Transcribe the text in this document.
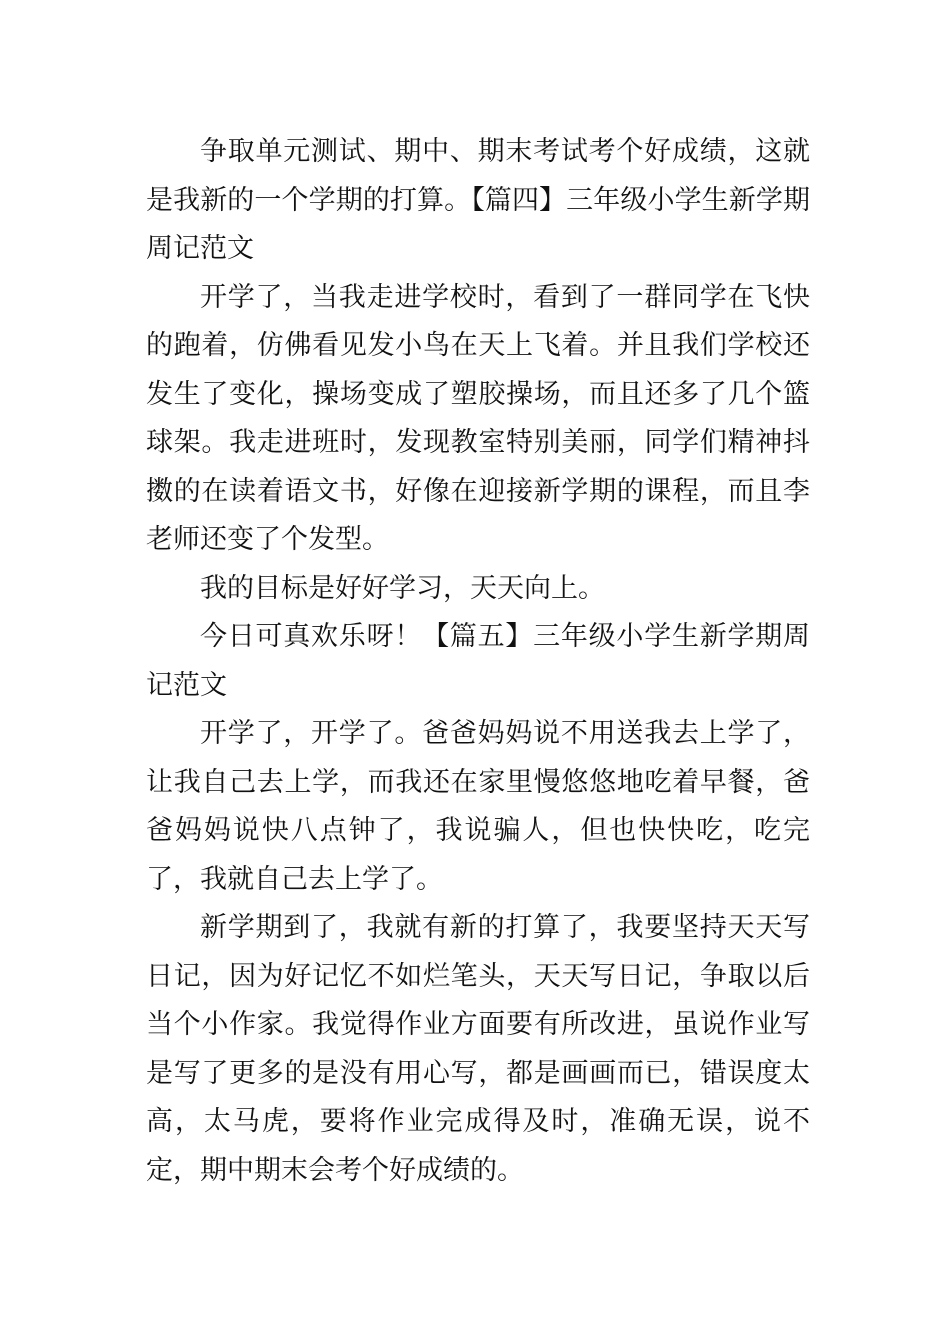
争取单元测试、期中、期末考试考个好成绩，这就是我新的一个学期的打算。【篇四】三年级小学生新学期周记范文

开学了，当我走进学校时，看到了一群同学在飞快的跑着，仿佛看见发小鸟在天上飞着。并且我们学校还发生了变化，操场变成了塑胶操场，而且还多了几个篮球架。我走进班时，发现教室特别美丽，同学们精神抖擞的在读着语文书，好像在迎接新学期的课程，而且李老师还变了个发型。

我的目标是好好学习，天天向上。

今日可真欢乐呀！【篇五】三年级小学生新学期周记范文

开学了，开学了。爸爸妈妈说不用送我去上学了，让我自己去上学，而我还在家里慢悠悠地吃着早餐，爸爸妈妈说快八点钟了，我说骗人，但也快快吃，吃完了，我就自己去上学了。

新学期到了，我就有新的打算了，我要坚持天天写日记，因为好记忆不如烂笔头，天天写日记，争取以后当个小作家。我觉得作业方面要有所改进，虽说作业写是写了更多的是没有用心写，都是画画而已，错误度太高，太马虎，要将作业完成得及时，准确无误，说不定，期中期末会考个好成绩的。
